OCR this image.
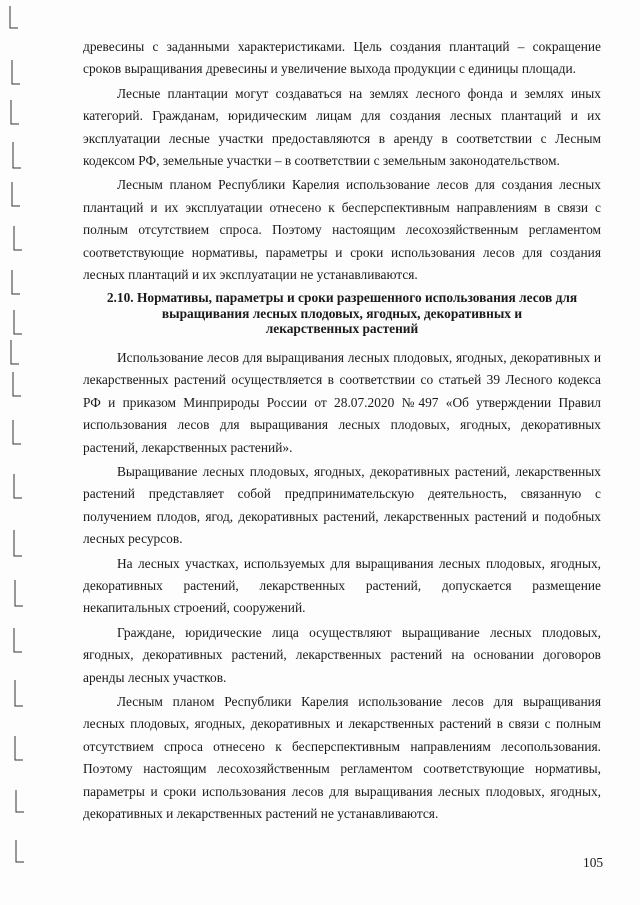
древесины с заданными характеристиками. Цель создания плантаций – сокращение сроков выращивания древесины и увеличение выхода продукции с единицы площади.

Лесные плантации могут создаваться на землях лесного фонда и землях иных категорий. Гражданам, юридическим лицам для создания лесных плантаций и их эксплуатации лесные участки предоставляются в аренду в соответствии с Лесным кодексом РФ, земельные участки – в соответствии с земельным законодательством.

Лесным планом Республики Карелия использование лесов для создания лесных плантаций и их эксплуатации отнесено к бесперспективным направлениям в связи с полным отсутствием спроса. Поэтому настоящим лесохозяйственным регламентом соответствующие нормативы, параметры и сроки использования лесов для создания лесных плантаций и их эксплуатации не устанавливаются.

2.10. Нормативы, параметры и сроки разрешенного использования лесов для
выращивания лесных плодовых, ягодных, декоративных и
лекарственных растений

Использование лесов для выращивания лесных плодовых, ягодных, декоративных и лекарственных растений осуществляется в соответствии со статьей 39 Лесного кодекса РФ и приказом Минприроды России от 28.07.2020 №497 «Об утверждении Правил использования лесов для выращивания лесных плодовых, ягодных, декоративных растений, лекарственных растений».

Выращивание лесных плодовых, ягодных, декоративных растений, лекарственных растений представляет собой предпринимательскую деятельность, связанную с получением плодов, ягод, декоративных растений, лекарственных растений и подобных лесных ресурсов.

На лесных участках, используемых для выращивания лесных плодовых, ягодных, декоративных растений, лекарственных растений, допускается размещение некапитальных строений, сооружений.

Граждане, юридические лица осуществляют выращивание лесных плодовых, ягодных, декоративных растений, лекарственных растений на основании договоров аренды лесных участков.

Лесным планом Республики Карелия использование лесов для выращивания лесных плодовых, ягодных, декоративных и лекарственных растений в связи с полным отсутствием спроса отнесено к бесперспективным направлениям лесопользования. Поэтому настоящим лесохозяйственным регламентом соответствующие нормативы, параметры и сроки использования лесов для выращивания лесных плодовых, ягодных, декоративных и лекарственных растений не устанавливаются.

105
